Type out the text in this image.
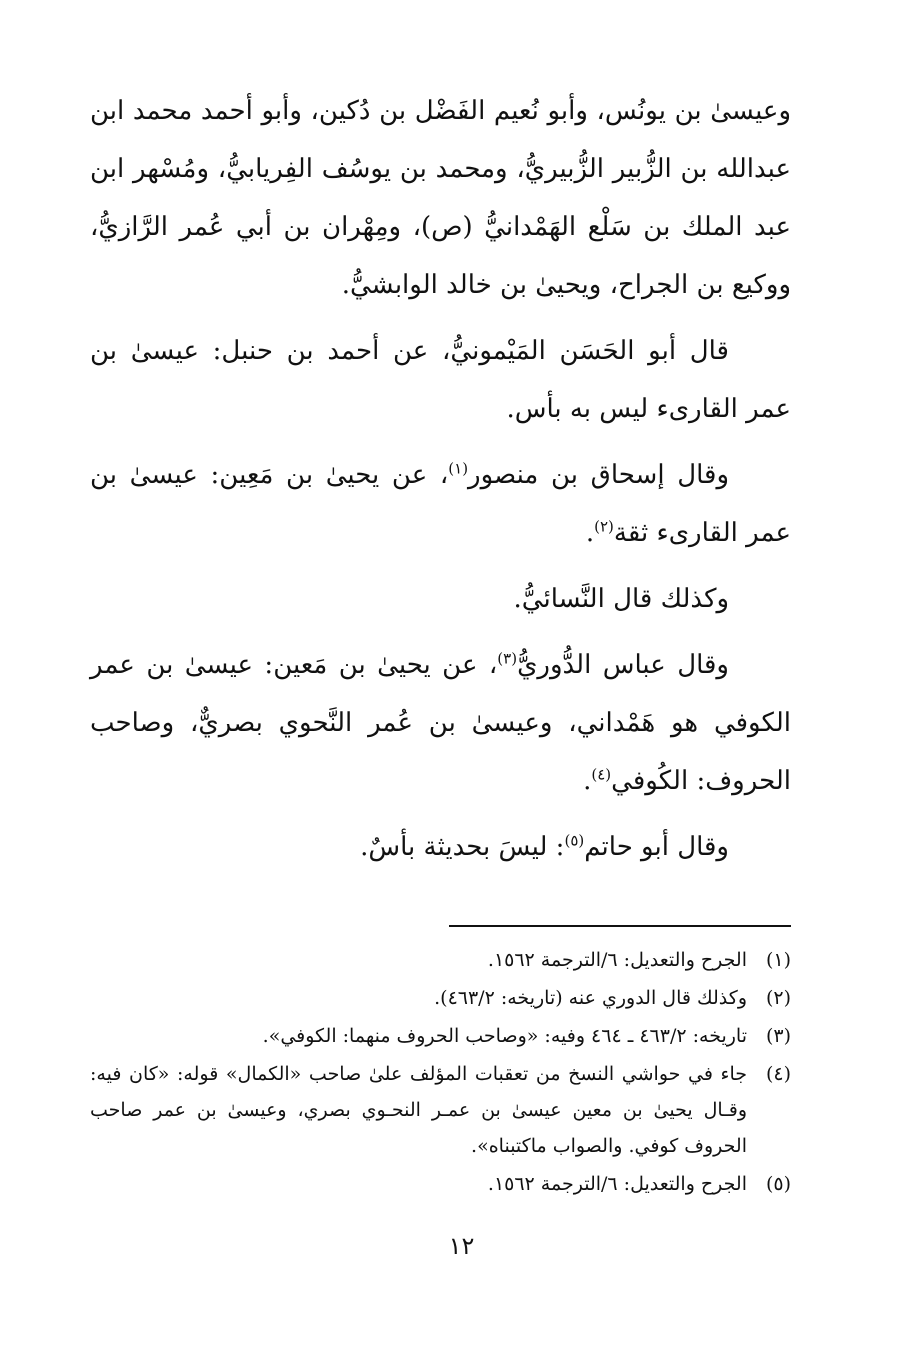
وعيسىٰ بن يونُس، وأبو نُعيم الفَضْل بن دُكين، وأبو أحمد محمد ابن عبدالله بن الزُّبير الزُّبيريُّ، ومحمد بن يوسُف الفِريابيُّ، ومُسْهر ابن عبد الملك بن سَلْع الهَمْدانيُّ (ص)، ومِهْران بن أبي عُمر الرَّازيُّ، ووكيع بن الجراح، ويحيىٰ بن خالد الوابشيُّ.

قال أبو الحَسَن المَيْمونيُّ، عن أحمد بن حنبل: عيسىٰ بن عمر القارىء ليس به بأس.

وقال إسحاق بن منصور$^{(١)}$، عن يحيىٰ بن مَعِين: عيسىٰ بن عمر القارىء ثقة$^{(٢)}$.

وكذلك قال النَّسائيُّ.

وقال عباس الدُّوريُّ$^{(٣)}$، عن يحيىٰ بن مَعين: عيسىٰ بن عمر الكوفي هو هَمْداني، وعيسىٰ بن عُمر النَّحوي بصريٌّ، وصاحب الحروف: الكُوفي$^{(٤)}$.

وقال أبو حاتم$^{(٥)}$: ليسَ بحديثة بأسٌ.

(١)
الجرح والتعديل: ٦/الترجمة ١٥٦٢.
(٢)
وكذلك قال الدوري عنه (تاريخه: ٤٦٣/٢).
(٣)
تاريخه: ٤٦٣/٢ ـ ٤٦٤ وفيه: «وصاحب الحروف منهما: الكوفي».
(٤)
جاء في حواشي النسخ من تعقبات المؤلف علىٰ صاحب «الكمال» قوله: «كان فيه: وقـال يحيىٰ بن معين عيسىٰ بن عمـر النحـوي بصري، وعيسىٰ بن عمر صاحب الحروف كوفي. والصواب ماكتبناه».
(٥)
الجرح والتعديل: ٦/الترجمة ١٥٦٢.
١٢
